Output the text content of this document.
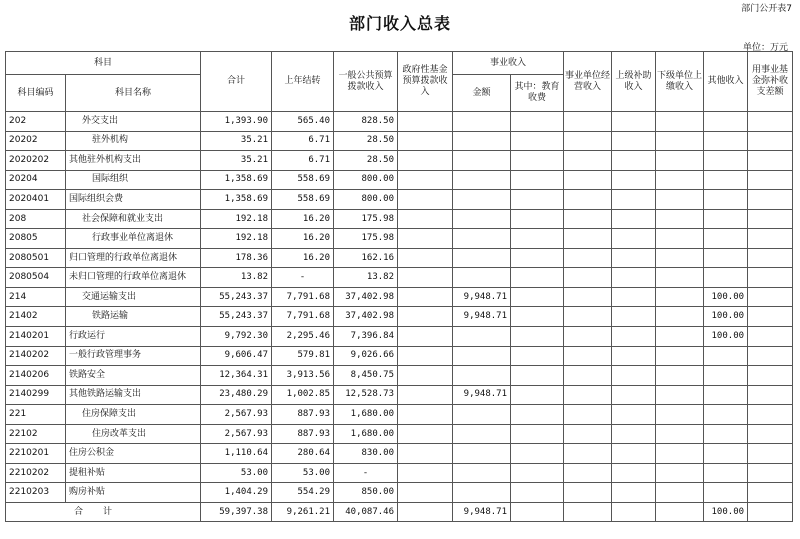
部门公开表7
部门收入总表
单位：万元
科目		合计	上年结转	一般公共预算拨款收入	政府性基金预算拨款收入	事业收入		事业单位经营收入	上级补助收入	下级单位上缴收入	其他收入	用事业基金弥补收支差额
科目编码	科目名称					金额	其中：教育收费					
202	外交支出	1,393.90	565.40	828.50								
20202	驻外机构	35.21	6.71	28.50								
2020202	其他驻外机构支出	35.21	6.71	28.50								
20204	国际组织	1,358.69	558.69	800.00								
2020401	国际组织会费	1,358.69	558.69	800.00								
208	社会保障和就业支出	192.18	16.20	175.98								
20805	行政事业单位离退休	192.18	16.20	175.98								
2080501	归口管理的行政单位离退休	178.36	16.20	162.16								
2080504	未归口管理的行政单位离退休	13.82	-	13.82								
214	交通运输支出	55,243.37	7,791.68	37,402.98		9,948.71					100.00	
21402	铁路运输	55,243.37	7,791.68	37,402.98		9,948.71					100.00	
2140201	行政运行	9,792.30	2,295.46	7,396.84							100.00	
2140202	一般行政管理事务	9,606.47	579.81	9,026.66								
2140206	铁路安全	12,364.31	3,913.56	8,450.75								
2140299	其他铁路运输支出	23,480.29	1,002.85	12,528.73		9,948.71						
221	住房保障支出	2,567.93	887.93	1,680.00								
22102	住房改革支出	2,567.93	887.93	1,680.00								
2210201	住房公积金	1,110.64	280.64	830.00								
2210202	提租补贴	53.00	53.00	-								
2210203	购房补贴	1,404.29	554.29	850.00								
合计		59,397.38	9,261.21	40,087.46		9,948.71					100.00	
